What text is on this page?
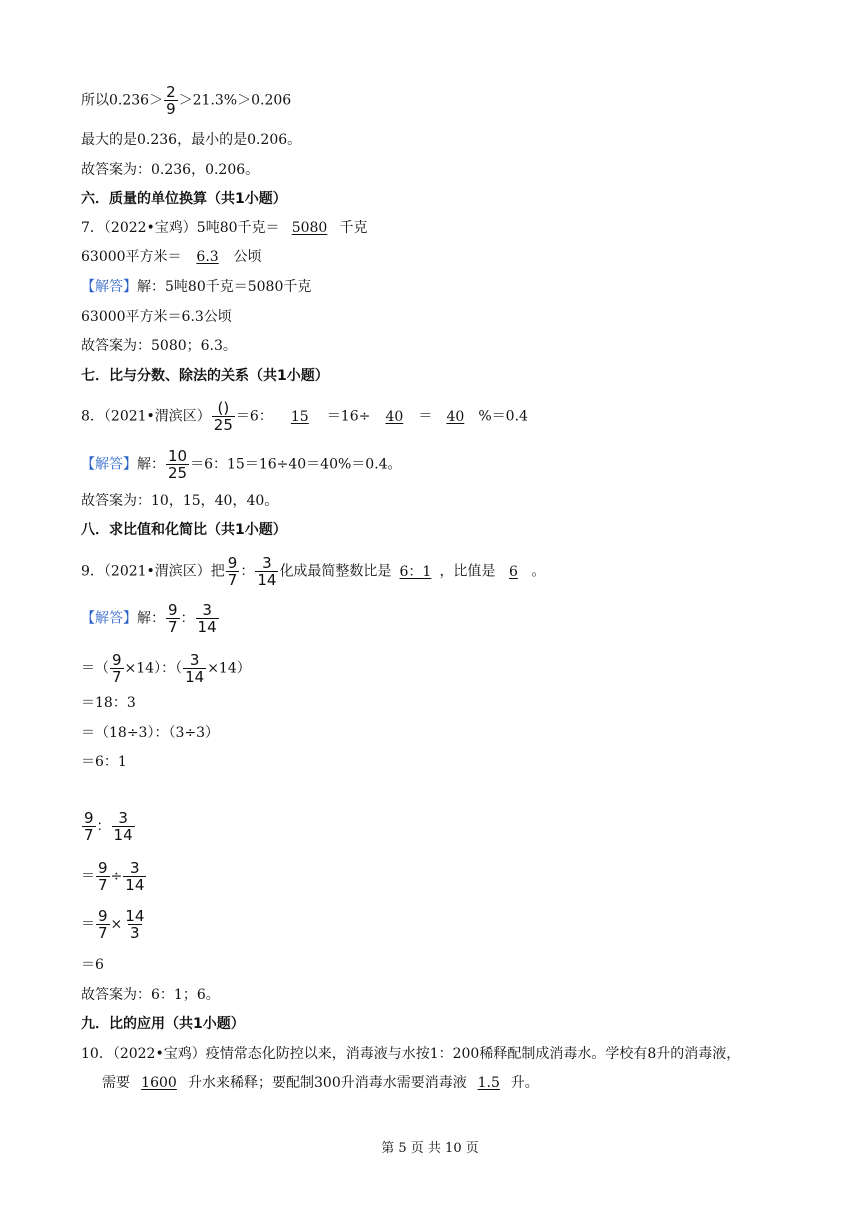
所以$0.236> \frac{2}{9} >21.3\%>0.206$
最大的是0.236，最小的是0.206。
故答案为：0.236，0.206。
六．质量的单位换算（共1小题）
7．（2022•宝鸡）5吨80千克＝ 5080 千克
63000平方米＝ 6.3 公顷
【解答】解：5吨80千克＝5080千克
63000平方米＝6.3公顷
故答案为：5080；6.3。
七．比与分数、除法的关系（共1小题）
8．（2021•渭滨区） $\frac{()}{25} =6$： 15 ＝16÷ 40 ＝ 40 %＝0.4
【解答】解： $\frac{10}{25} =6$：15＝16÷40＝40%＝0.4。
故答案为：10，15，40，40。
八．求比值和化简比（共1小题）
9．（2021•渭滨区）把 $\frac{9}{7}$ ： $\frac{3}{14}$ 化成最简整数比是 6：1 ，比值是 6 。
【解答】解： $\frac{9}{7}$ ： $\frac{3}{14}$
＝（ $\frac{9}{7} \times 14$）：（ $\frac{3}{14} \times 14$）
＝18：3
＝（18÷3）：（3÷3）
＝6：1
$\frac{9}{7}$ ： $\frac{3}{14}$
＝ $\frac{9}{7} \div \frac{3}{14}$
＝ $\frac{9}{7} \times \frac{14}{3}$
＝6
故答案为：6：1；6。
九．比的应用（共1小题）
10．（2022•宝鸡）疫情常态化防控以来，消毒液与水按1：200稀释配制成消毒水。学校有8升的消毒液，
需要 1600 升水来稀释；要配制300升消毒水需要消毒液 1.5 升。
第 5 页 共 10 页
